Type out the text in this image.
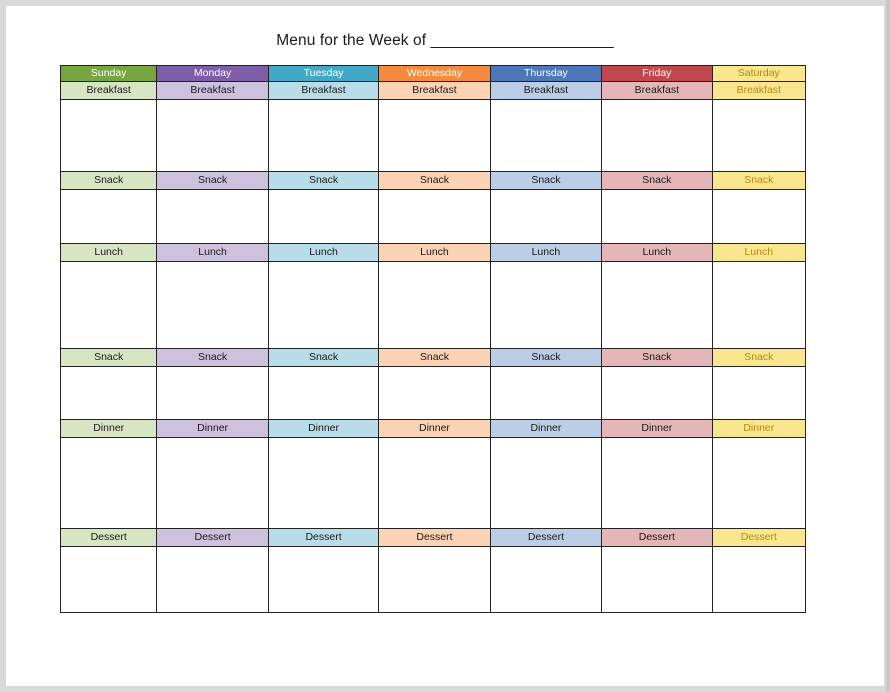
Menu for the Week of _____________________
Sunday	Monday	Tuesday	Wednesday	Thursday	Friday	Saturday
Breakfast	Breakfast	Breakfast	Breakfast	Breakfast	Breakfast	Breakfast

Snack	Snack	Snack	Snack	Snack	Snack	Snack

Lunch	Lunch	Lunch	Lunch	Lunch	Lunch	Lunch

Snack	Snack	Snack	Snack	Snack	Snack	Snack

Dinner	Dinner	Dinner	Dinner	Dinner	Dinner	Dinner

Dessert	Dessert	Dessert	Dessert	Dessert	Dessert	Dessert
